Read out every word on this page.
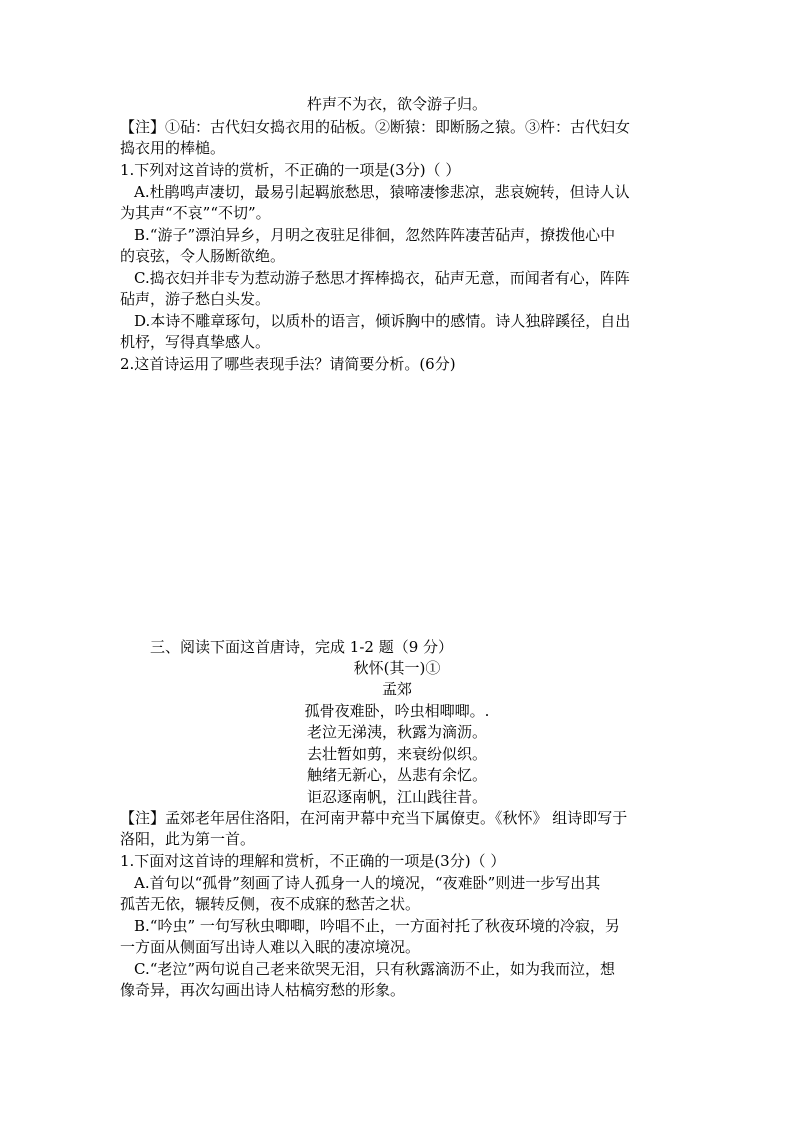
杵声不为衣，欲令游子归。
【注】①砧：古代妇女捣衣用的砧板。②断猿：即断肠之猿。③杵：古代妇女
捣衣用的棒槌。
1.下列对这首诗的赏析，不正确的一项是(3分)（ ）
A.杜鹃鸣声凄切，最易引起羁旅愁思，猿啼凄惨悲凉，悲哀婉转，但诗人认
为其声“不哀”“不切”。
B.“游子”漂泊异乡，月明之夜驻足徘徊，忽然阵阵凄苦砧声，撩拨他心中
的哀弦，令人肠断欲绝。
C.捣衣妇并非专为惹动游子愁思才挥棒捣衣，砧声无意，而闻者有心，阵阵
砧声，游子愁白头发。
D.本诗不雕章琢句，以质朴的语言，倾诉胸中的感情。诗人独辟蹊径，自出
机杼，写得真挚感人。
2.这首诗运用了哪些表现手法？请简要分析。(6分)
三、阅读下面这首唐诗，完成 1-2 题（9 分）
秋怀(其一)①
孟郊
孤骨夜难卧，吟虫相唧唧。.
老泣无涕洟，秋露为滴沥。
去壮暂如剪，来衰纷似织。
触绪无新心，丛悲有余忆。
讵忍逐南帆，江山践往昔。
【注】孟郊老年居住洛阳，在河南尹幕中充当下属僚吏。《秋怀》 组诗即写于
洛阳，此为第一首。
1.下面对这首诗的理解和赏析，不正确的一项是(3分)（ ）
A.首句以“孤骨”刻画了诗人孤身一人的境况，“夜难卧”则进一步写出其
孤苦无依，辗转反侧，夜不成寐的愁苦之状。
B.“吟虫” 一句写秋虫唧唧，吟唱不止，一方面衬托了秋夜环境的冷寂，另
一方面从侧面写出诗人难以入眠的凄凉境况。
C.“老泣”两句说自己老来欲哭无泪，只有秋露滴沥不止，如为我而泣，想
像奇异，再次勾画出诗人枯槁穷愁的形象。
